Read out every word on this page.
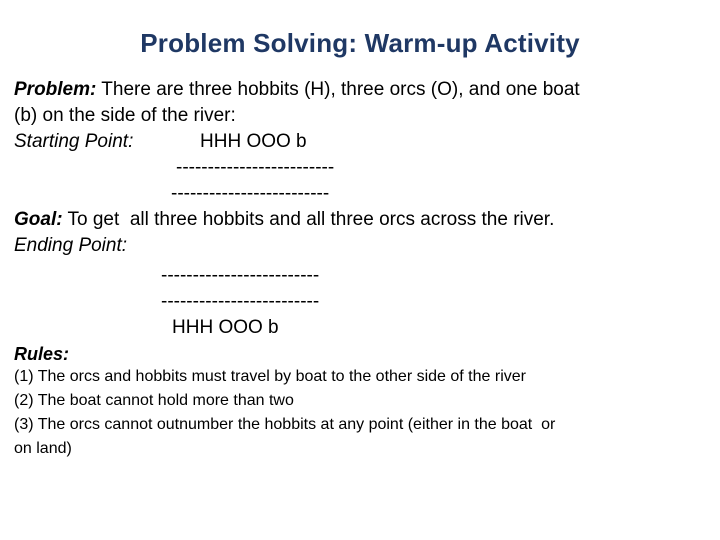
Problem Solving: Warm-up Activity
Problem: There are three hobbits (H), three orcs (O), and one boat
(b) on the side of the river:
Starting Point:	HHH OOO b
-------------------------
-------------------------
Goal: To get  all three hobbits and all three orcs across the river.
Ending Point:
-------------------------
-------------------------
HHH OOO b
Rules:
(1) The orcs and hobbits must travel by boat to the other side of the river
(2) The boat cannot hold more than two
(3) The orcs cannot outnumber the hobbits at any point (either in the boat  or
on land)
